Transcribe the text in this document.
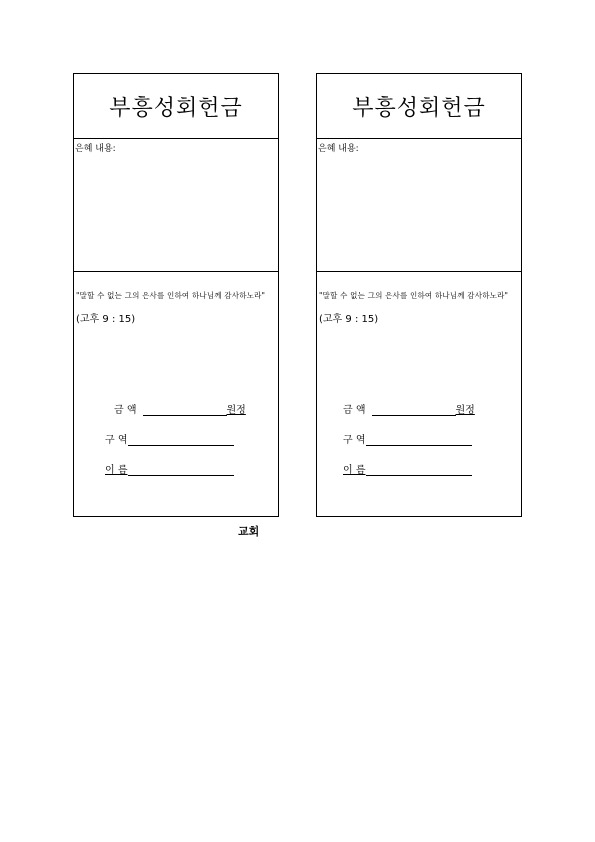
부흥성회헌금
은혜 내용:
"말할 수 없는 그의 은사를 인하여 하나님께 감사하노라"
(고후 9 : 15)
금 액	원정
구 역
이 름
부흥성회헌금
은혜 내용:
"말할 수 없는 그의 은사를 인하여 하나님께 감사하노라"
(고후 9 : 15)
금 액	원정
구 역
이 름
교회
